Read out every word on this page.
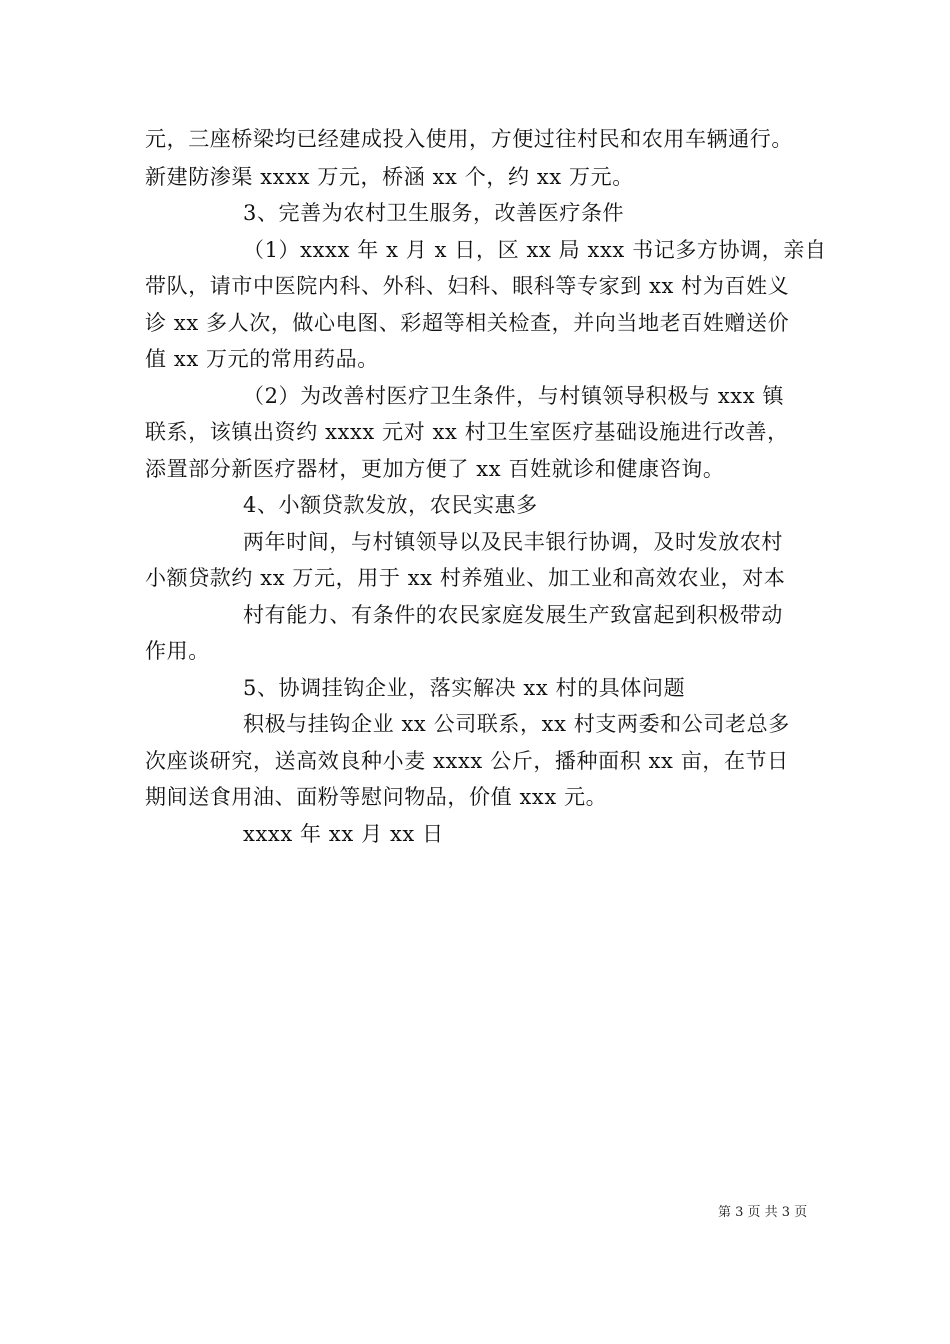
元，三座桥梁均已经建成投入使用，方便过往村民和农用车辆通行。
新建防渗渠 xxxx 万元，桥涵 xx 个，约 xx 万元。
3、完善为农村卫生服务，改善医疗条件
（1）xxxx 年 x 月 x 日，区 xx 局 xxx 书记多方协调，亲自
带队，请市中医院内科、外科、妇科、眼科等专家到 xx 村为百姓义
诊 xx 多人次，做心电图、彩超等相关检查，并向当地老百姓赠送价
值 xx 万元的常用药品。
（2）为改善村医疗卫生条件，与村镇领导积极与 xxx 镇
联系，该镇出资约 xxxx 元对 xx 村卫生室医疗基础设施进行改善，
添置部分新医疗器材，更加方便了 xx 百姓就诊和健康咨询。
4、小额贷款发放，农民实惠多
两年时间，与村镇领导以及民丰银行协调，及时发放农村
小额贷款约 xx 万元，用于 xx 村养殖业、加工业和高效农业，对本
村有能力、有条件的农民家庭发展生产致富起到积极带动
作用。
5、协调挂钩企业，落实解决 xx 村的具体问题
积极与挂钩企业 xx 公司联系，xx 村支两委和公司老总多
次座谈研究，送高效良种小麦 xxxx 公斤，播种面积 xx 亩，在节日
期间送食用油、面粉等慰问物品，价值 xxx 元。
xxxx 年 xx 月 xx 日
第 3 页 共 3 页
